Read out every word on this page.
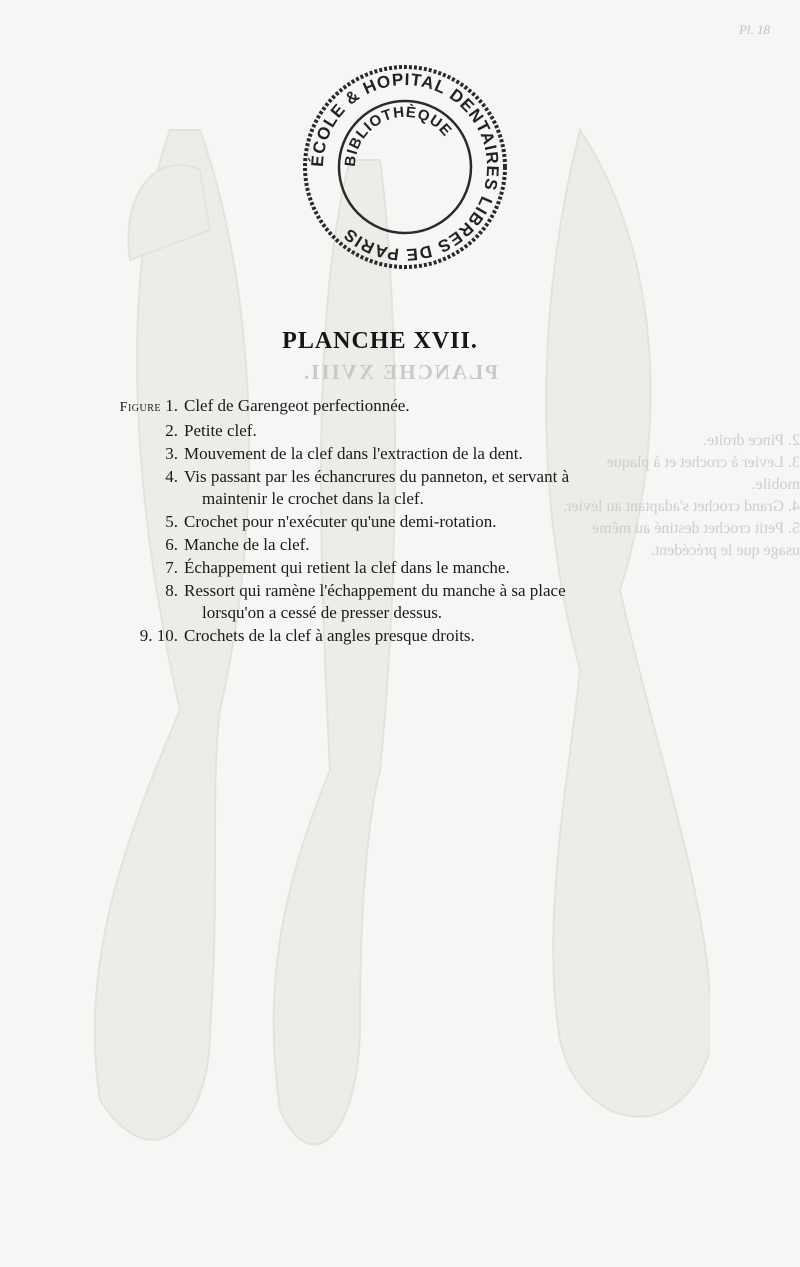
Pl. 18
ÉCOLE & HOPITAL DENTAIRES LIBRES DE PARIS
BIBLIOTHÈQUE
PLANCHE XVII.
PLANCHE XVIII.
2. Pince droite.
3. Levier à crochet et à plaque mobile.
4. Grand crochet s'adaptant au levier.
5. Petit crochet destiné au même usage que le précédent.
Figure 1. Clef de Garengeot perfectionnée.
2. Petite clef.
3. Mouvement de la clef dans l'extraction de la dent.
4. Vis passant par les échancrures du panneton, et servant à
maintenir le crochet dans la clef.
5. Crochet pour n'exécuter qu'une demi-rotation.
6. Manche de la clef.
7. Échappement qui retient la clef dans le manche.
8. Ressort qui ramène l'échappement du manche à sa place
lorsqu'on a cessé de presser dessus.
9. 10. Crochets de la clef à angles presque droits.
